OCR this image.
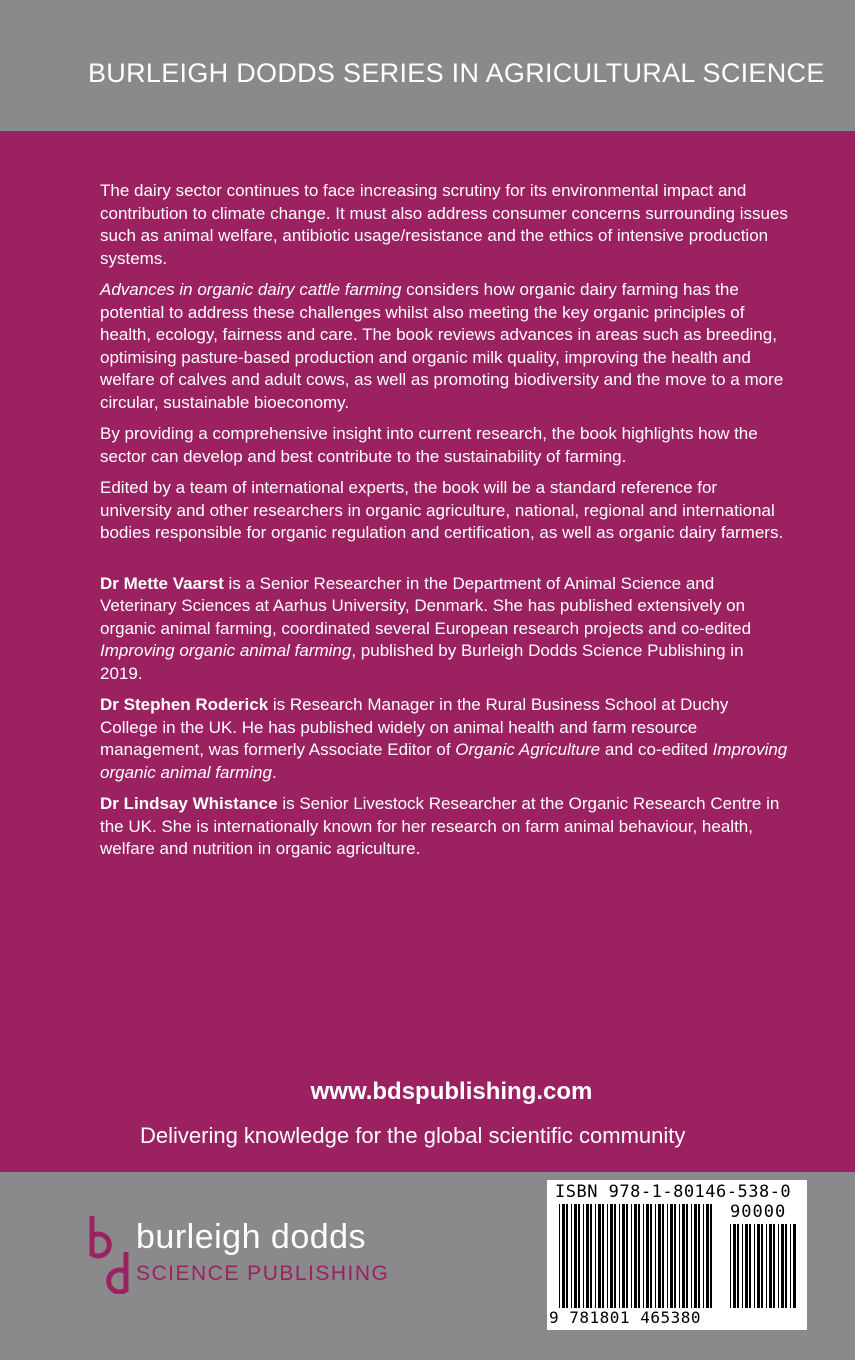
BURLEIGH DODDS SERIES IN AGRICULTURAL SCIENCE

The dairy sector continues to face increasing scrutiny for its environmental impact and contribution to climate change. It must also address consumer concerns surrounding issues such as animal welfare, antibiotic usage/resistance and the ethics of intensive production systems.

Advances in organic dairy cattle farming considers how organic dairy farming has the potential to address these challenges whilst also meeting the key organic principles of health, ecology, fairness and care. The book reviews advances in areas such as breeding, optimising pasture-based production and organic milk quality, improving the health and welfare of calves and adult cows, as well as promoting biodiversity and the move to a more circular, sustainable bioeconomy.

By providing a comprehensive insight into current research, the book highlights how the sector can develop and best contribute to the sustainability of farming.

Edited by a team of international experts, the book will be a standard reference for university and other researchers in organic agriculture, national, regional and international bodies responsible for organic regulation and certification, as well as organic dairy farmers.

Dr Mette Vaarst is a Senior Researcher in the Department of Animal Science and Veterinary Sciences at Aarhus University, Denmark. She has published extensively on organic animal farming, coordinated several European research projects and co-edited Improving organic animal farming, published by Burleigh Dodds Science Publishing in 2019.

Dr Stephen Roderick is Research Manager in the Rural Business School at Duchy College in the UK. He has published widely on animal health and farm resource management, was formerly Associate Editor of Organic Agriculture and co-edited Improving organic animal farming.

Dr Lindsay Whistance is Senior Livestock Researcher at the Organic Research Centre in the UK. She is internationally known for her research on farm animal behaviour, health, welfare and nutrition in organic agriculture.

www.bdspublishing.com
Delivering knowledge for the global scientific community
burleigh dodds
SCIENCE PUBLISHING
ISBN 978-1-80146-538-0
90000
9 781801 465380
